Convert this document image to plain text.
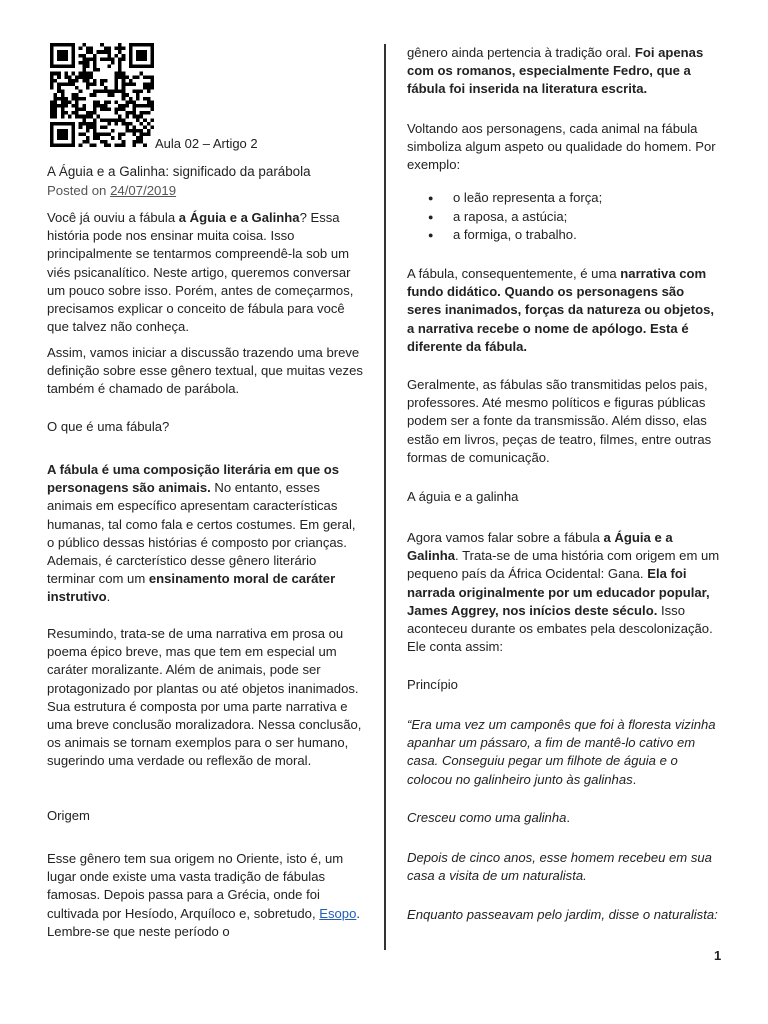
Aula 02 – Artigo 2

A Águia e a Galinha: significado da parábola

Posted on 24/07/2019

Você já ouviu a fábula a Águia e a Galinha? Essa história pode nos ensinar muita coisa. Isso principalmente se tentarmos compreendê-la sob um viés psicanalítico. Neste artigo, queremos conversar um pouco sobre isso. Porém, antes de começarmos, precisamos explicar o conceito de fábula para você que talvez não conheça.

Assim, vamos iniciar a discussão trazendo uma breve definição sobre esse gênero textual, que muitas vezes também é chamado de parábola.

O que é uma fábula?

A fábula é uma composição literária em que os personagens são animais. No entanto, esses animais em específico apresentam características humanas, tal como fala e certos costumes. Em geral, o público dessas histórias é composto por crianças. Ademais, é carcterístico desse gênero literário terminar com um ensinamento moral de caráter instrutivo.

Resumindo, trata-se de uma narrativa em prosa ou poema épico breve, mas que tem em especial um caráter moralizante. Além de animais, pode ser protagonizado por plantas ou até objetos inanimados. Sua estrutura é composta por uma parte narrativa e uma breve conclusão moralizadora. Nessa conclusão, os animais se tornam exemplos para o ser humano, sugerindo uma verdade ou reflexão de moral.

Origem

Esse gênero tem sua origem no Oriente, isto é, um lugar onde existe uma vasta tradição de fábulas famosas. Depois passa para a Grécia, onde foi cultivada por Hesíodo, Arquíloco e, sobretudo, Esopo. Lembre-se que neste período o

gênero ainda pertencia à tradição oral. Foi apenas com os romanos, especialmente Fedro, que a fábula foi inserida na literatura escrita.

Voltando aos personagens, cada animal na fábula simboliza algum aspeto ou qualidade do homem. Por exemplo:

● o leão representa a força;
● a raposa, a astúcia;
● a formiga, o trabalho.

A fábula, consequentemente, é uma narrativa com fundo didático. Quando os personagens são seres inanimados, forças da natureza ou objetos, a narrativa recebe o nome de apólogo. Esta é diferente da fábula.

Geralmente, as fábulas são transmitidas pelos pais, professores. Até mesmo políticos e figuras públicas podem ser a fonte da transmissão. Além disso, elas estão em livros, peças de teatro, filmes, entre outras formas de comunicação.

A águia e a galinha

Agora vamos falar sobre a fábula a Águia e a Galinha. Trata-se de uma história com origem em um pequeno país da África Ocidental: Gana. Ela foi narrada originalmente por um educador popular, James Aggrey, nos inícios deste século. Isso aconteceu durante os embates pela descolonização. Ele conta assim:

Princípio

“Era uma vez um camponês que foi à floresta vizinha apanhar um pássaro, a fim de mantê-lo cativo em casa. Conseguiu pegar um filhote de águia e o colocou no galinheiro junto às galinhas.

Cresceu como uma galinha.

Depois de cinco anos, esse homem recebeu em sua casa a visita de um naturalista.

Enquanto passeavam pelo jardim, disse o naturalista:

1
